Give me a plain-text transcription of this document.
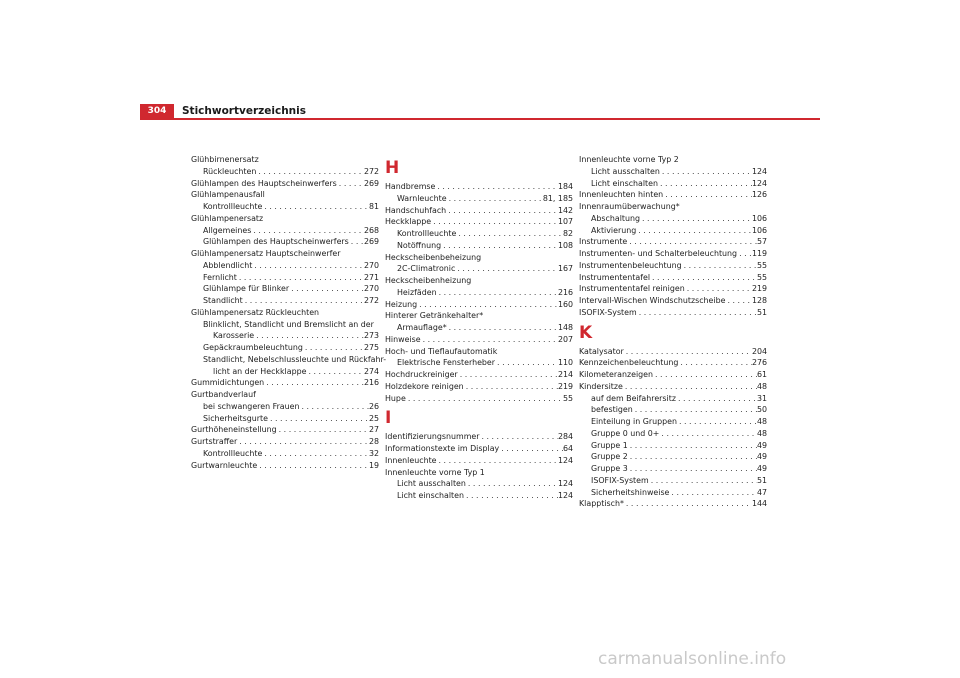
304	Stichwortverzeichnis
Glühbirnenersatz
Rückleuchten . . .	272
Glühlampen des Hauptscheinwerfers . . .	269
Glühlampenausfall
Kontrollleuchte . . .	81
Glühlampenersatz
Allgemeines . . .	268
Glühlampen des Hauptscheinwerfers . . . 269
Glühlampenersatz Hauptscheinwerfer
Abblendlicht . . .	270
Fernlicht . . .	271
Glühlampe für Blinker . . .	270
Standlicht . . .	272
Glühlampenersatz Rückleuchten
Blinklicht, Standlicht und Bremslicht an der
Karosserie . . .	273
Gepäckraumbeleuchtung . . .	275
Standlicht, Nebelschlussleuchte und Rückfahr-
licht an der Heckklappe . . .	274
Gummidichtungen . . .	216
Gurtbandverlauf
bei schwangeren Frauen . . .	26
Sicherheitsgurte . . .	25
Gurthöheneinstellung . . .	27
Gurtstraffer . . .	28
Kontrollleuchte . . .	32
Gurtwarnleuchte . . .	19
H
Handbremse . . .	184
Warnleuchte . . .	81, 185
Handschuhfach . . .	142
Heckklappe . . .	107
Kontrollleuchte . . .	82
Notöffnung . . .	108
Heckscheibenbeheizung
2C-Climatronic . . .	167
Heckscheibenheizung
Heizfäden . . .	216
Heizung . . .	160
Hinterer Getränkehalter*
Armauflage* . . .	148
Hinweise . . .	207
Hoch- und Tieflaufautomatik
Elektrische Fensterheber . . .	110
Hochdruckreiniger . . .	214
Holzdekore reinigen . . .	219
Hupe . . .	55
I
Identifizierungsnummer . . .	284
Informationstexte im Display . . .	64
Innenleuchte . . .	124
Innenleuchte vorne Typ 1
Licht ausschalten . . .	124
Licht einschalten . . .	124
Innenleuchte vorne Typ 2
Licht ausschalten . . .	124
Licht einschalten . . .	124
Innenleuchten hinten . . .	126
Innenraumüberwachung*
Abschaltung . . .	106
Aktivierung . . .	106
Instrumente . . .	57
Instrumenten- und Schalterbeleuchtung . . . 119
Instrumentenbeleuchtung . . .	55
Instrumententafel . . .	55
Instrumententafel reinigen . . .	219
Intervall-Wischen Windschutzscheibe . . .	128
ISOFIX-System . . .	51
K
Katalysator . . .	204
Kennzeichenbeleuchtung . . .	276
Kilometeranzeigen . . .	61
Kindersitze . . .	48
auf dem Beifahrersitz . . .	31
befestigen . . .	50
Einteilung in Gruppen . . .	48
Gruppe 0 und 0+ . . .	48
Gruppe 1 . . .	49
Gruppe 2 . . .	49
Gruppe 3 . . .	49
ISOFIX-System . . .	51
Sicherheitshinweise . . .	47
Klapptisch* . . .	144
carmanualsonline.info
